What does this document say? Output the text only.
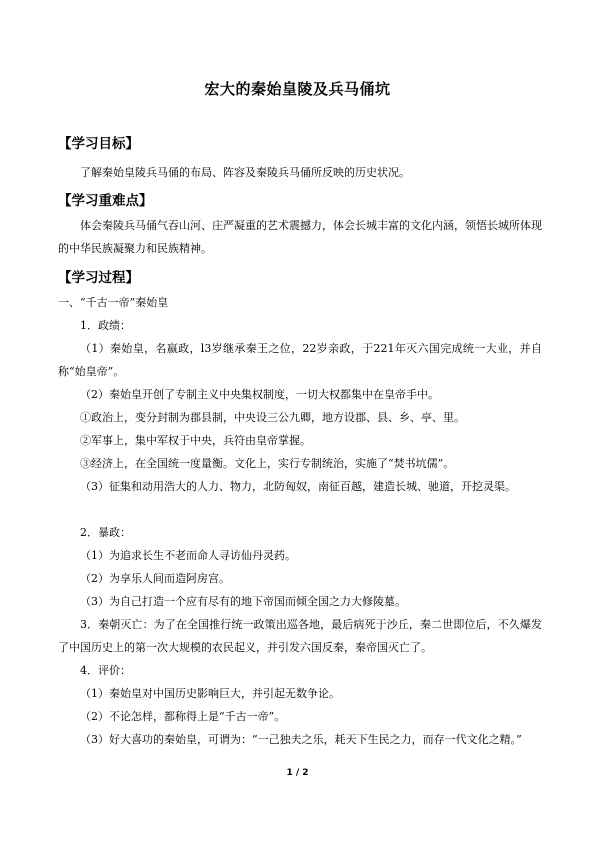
宏大的秦始皇陵及兵马俑坑
【学习目标】
了解秦始皇陵兵马俑的布局、阵容及秦陵兵马俑所反映的历史状况。
【学习重难点】
体会秦陵兵马俑气吞山河、庄严凝重的艺术震撼力，体会长城丰富的文化内涵，领悟长城所体现的中华民族凝聚力和民族精神。
【学习过程】
一、“千古一帝”秦始皇
1．政绩：
（1）秦始皇，名嬴政，l3岁继承秦王之位，22岁亲政，于221年灭六国完成统一大业，并自称“始皇帝”。
（2）秦始皇开创了专制主义中央集权制度，一切大权都集中在皇帝手中。
①政治上，变分封制为郡县制，中央设三公九卿，地方设郡、县、乡、亭、里。
②军事上，集中军权于中央，兵符由皇帝掌握。
③经济上，在全国统一度量衡。文化上，实行专制统治，实施了“焚书坑儒”。
（3）征集和动用浩大的人力、物力，北防匈奴，南征百越，建造长城、驰道，开挖灵渠。
2．暴政：
（1）为追求长生不老而命人寻访仙丹灵药。
（2）为享乐人间而造阿房宫。
（3）为自己打造一个应有尽有的地下帝国而倾全国之力大修陵墓。
3．秦朝灭亡：为了在全国推行统一政策出巡各地，最后病死于沙丘，秦二世即位后，不久爆发了中国历史上的第一次大规模的农民起义，并引发六国反秦，秦帝国灭亡了。
4．评价：
（1）秦始皇对中国历史影响巨大，并引起无数争论。
（2）不论怎样，都称得上是“千古一帝”。
（3）好大喜功的秦始皇，可谓为：“一己独夫之乐，耗天下生民之力，而存一代文化之精。”
1 / 2
